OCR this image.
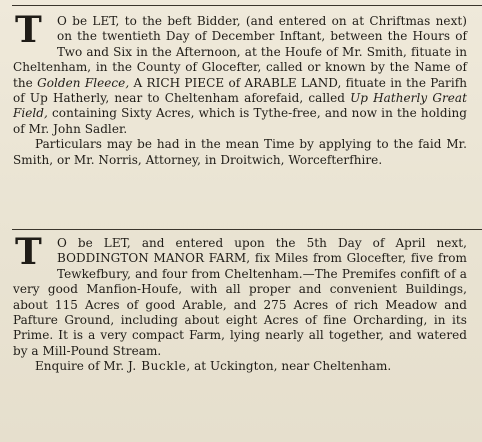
T O be LET, to the beft Bidder, (and entered on at Chriftmas next) on the twentieth Day of December Inftant, between the Hours of Two and Six in the Afternoon, at the Houfe of Mr. Smith, fituate in Cheltenham, in the County of Glocefter, called or known by the Name of the Golden Fleece, A RICH PIECE of ARABLE LAND, fituate in the Parifh of Up Hatherly, near to Cheltenham aforefaid, called Up Hatherly Great Field, containing Sixty Acres, which is Tythe-free, and now in the holding of Mr. John Sadler.

Particulars may be had in the mean Time by applying to the faid Mr. Smith, or Mr. Norris, Attorney, in Droitwich, Worcefterfhire.

T O be LET, and entered upon the 5th Day of April next, BODDINGTON MANOR FARM, fix Miles from Glocefter, five from Tewkefbury, and four from Cheltenham.—The Premifes confift of a very good Manfion-Houfe, with all proper and convenient Buildings, about 115 Acres of good Arable, and 275 Acres of rich Meadow and Pafture Ground, including about eight Acres of fine Orcharding, in its Prime. It is a very compact Farm, lying nearly all together, and watered by a Mill-Pound Stream.

Enquire of Mr. J. Buckle, at Uckington, near Cheltenham.
